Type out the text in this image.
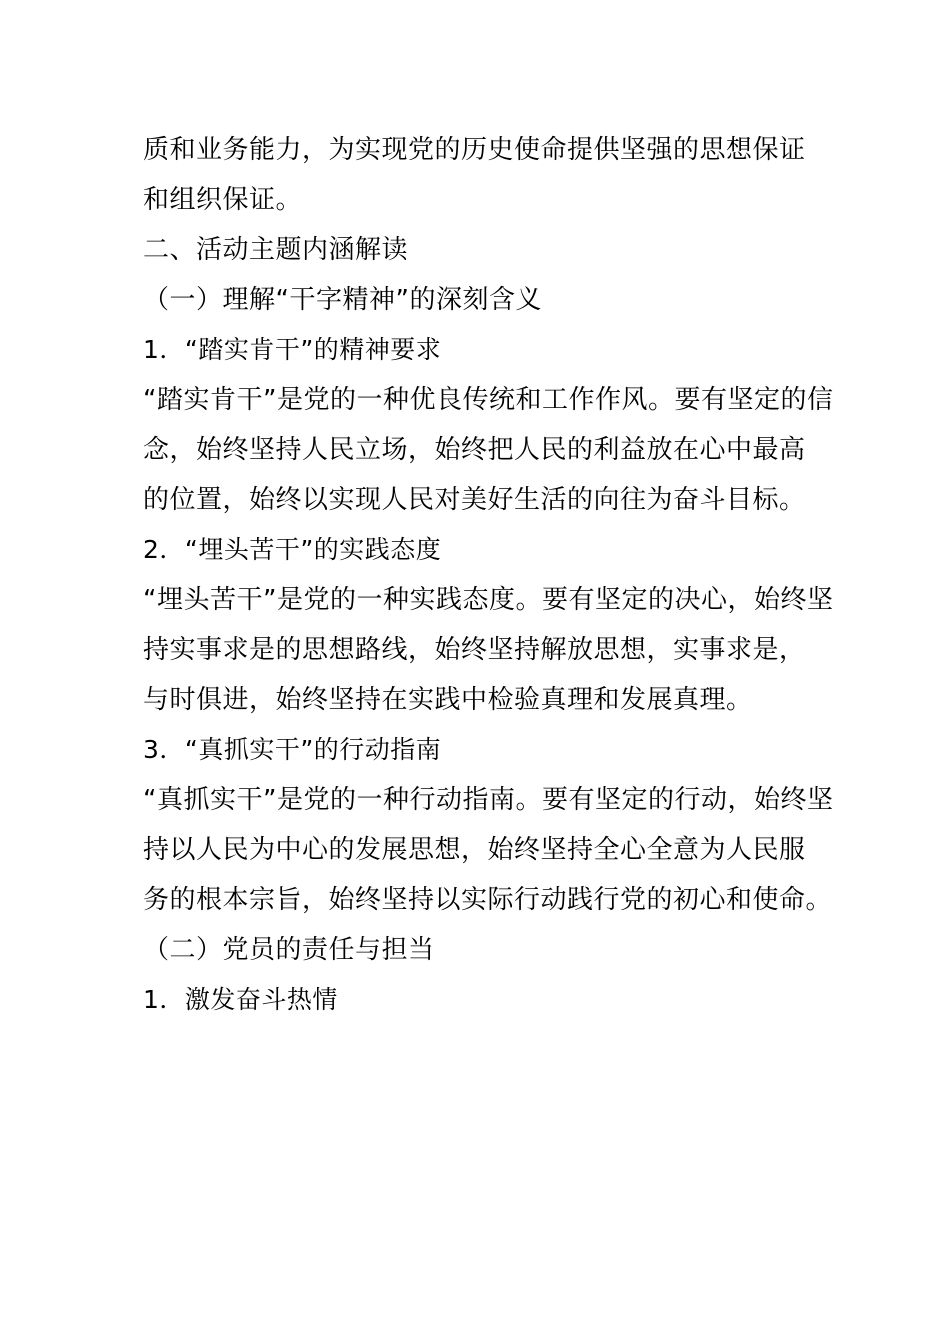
质和业务能力，为实现党的历史使命提供坚强的思想保证
和组织保证。
二、活动主题内涵解读
（一）理解“干字精神”的深刻含义
1．“踏实肯干”的精神要求
“踏实肯干”是党的一种优良传统和工作作风。要有坚定的信
念，始终坚持人民立场，始终把人民的利益放在心中最高
的位置，始终以实现人民对美好生活的向往为奋斗目标。
2．“埋头苦干”的实践态度
“埋头苦干”是党的一种实践态度。要有坚定的决心，始终坚
持实事求是的思想路线，始终坚持解放思想，实事求是，
与时俱进，始终坚持在实践中检验真理和发展真理。
3．“真抓实干”的行动指南
“真抓实干”是党的一种行动指南。要有坚定的行动，始终坚
持以人民为中心的发展思想，始终坚持全心全意为人民服
务的根本宗旨，始终坚持以实际行动践行党的初心和使命。
（二）党员的责任与担当
1．激发奋斗热情
